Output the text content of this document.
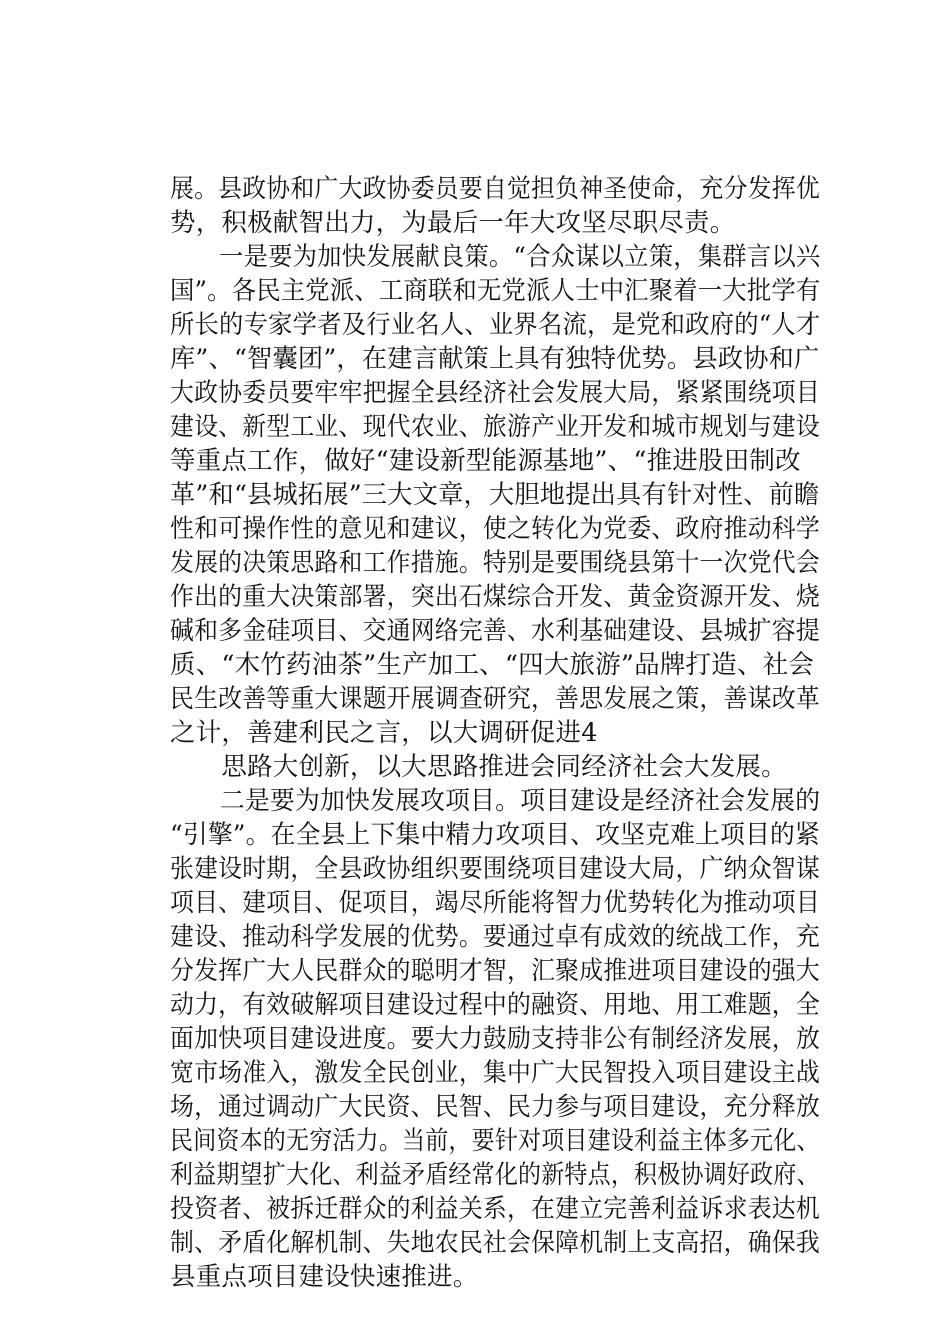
展。县政协和广大政协委员要自觉担负神圣使命，充分发挥优
势，积极献智出力，为最后一年大攻坚尽职尽责。
　　一是要为加快发展献良策。“合众谋以立策，集群言以兴
国”。各民主党派、工商联和无党派人士中汇聚着一大批学有
所长的专家学者及行业名人、业界名流，是党和政府的“人才
库”、“智囊团”，在建言献策上具有独特优势。县政协和广
大政协委员要牢牢把握全县经济社会发展大局，紧紧围绕项目
建设、新型工业、现代农业、旅游产业开发和城市规划与建设
等重点工作，做好“建设新型能源基地”、“推进股田制改
革”和“县城拓展”三大文章，大胆地提出具有针对性、前瞻
性和可操作性的意见和建议，使之转化为党委、政府推动科学
发展的决策思路和工作措施。特别是要围绕县第十一次党代会
作出的重大决策部署，突出石煤综合开发、黄金资源开发、烧
碱和多金硅项目、交通网络完善、水利基础建设、县城扩容提
质、“木竹药油茶”生产加工、“四大旅游”品牌打造、社会
民生改善等重大课题开展调查研究，善思发展之策，善谋改革
之计，善建利民之言，以大调研促进4
　　思路大创新，以大思路推进会同经济社会大发展。
　　二是要为加快发展攻项目。项目建设是经济社会发展的
“引擎”。在全县上下集中精力攻项目、攻坚克难上项目的紧
张建设时期，全县政协组织要围绕项目建设大局，广纳众智谋
项目、建项目、促项目，竭尽所能将智力优势转化为推动项目
建设、推动科学发展的优势。要通过卓有成效的统战工作，充
分发挥广大人民群众的聪明才智，汇聚成推进项目建设的强大
动力，有效破解项目建设过程中的融资、用地、用工难题，全
面加快项目建设进度。要大力鼓励支持非公有制经济发展，放
宽市场准入，激发全民创业，集中广大民智投入项目建设主战
场，通过调动广大民资、民智、民力参与项目建设，充分释放
民间资本的无穷活力。当前，要针对项目建设利益主体多元化、
利益期望扩大化、利益矛盾经常化的新特点，积极协调好政府、
投资者、被拆迁群众的利益关系，在建立完善利益诉求表达机
制、矛盾化解机制、失地农民社会保障机制上支高招，确保我
县重点项目建设快速推进。
